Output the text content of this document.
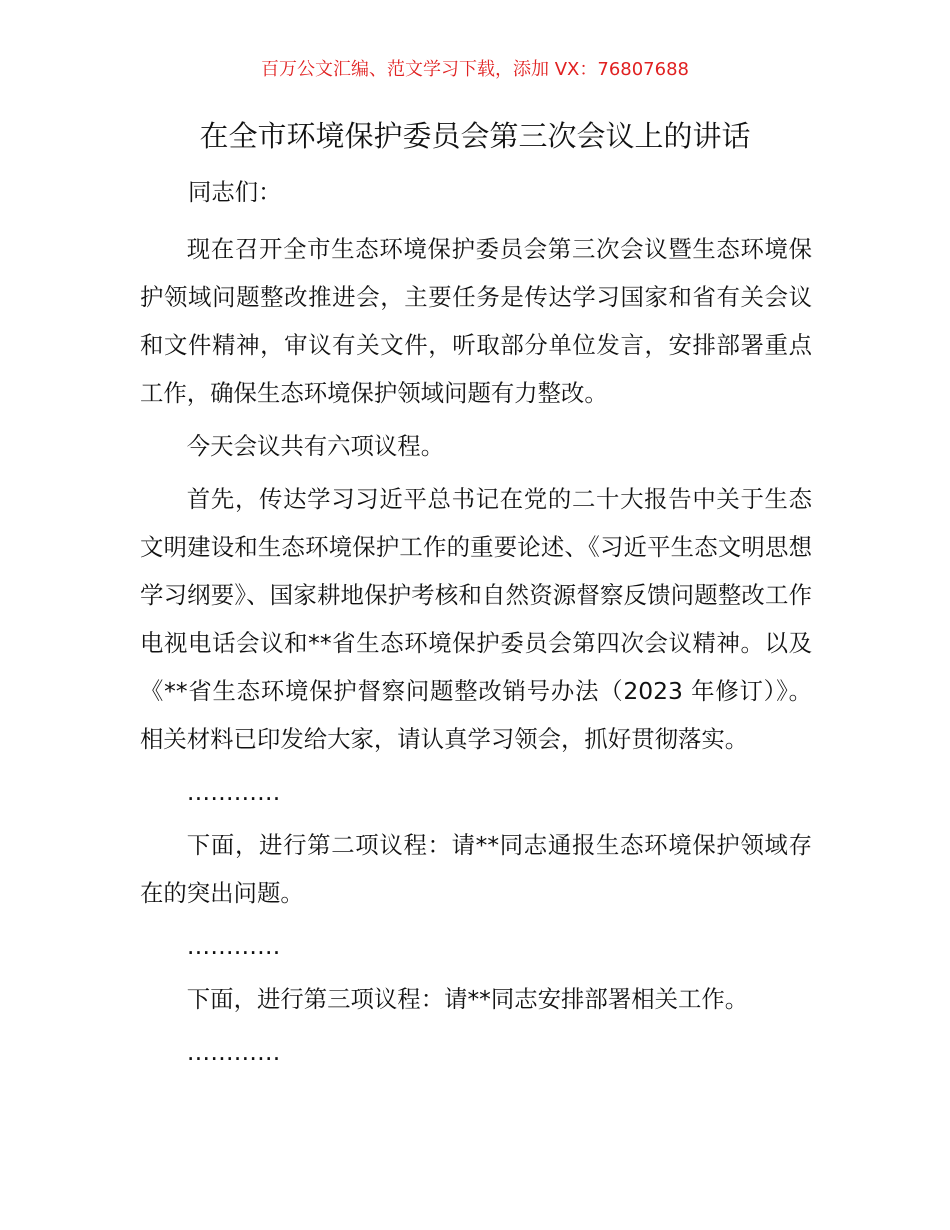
百万公文汇编、范文学习下载，添加 VX：76807688
在全市环境保护委员会第三次会议上的讲话
同志们：

现在召开全市生态环境保护委员会第三次会议暨生态环境保护领域问题整改推进会，主要任务是传达学习国家和省有关会议和文件精神，审议有关文件，听取部分单位发言，安排部署重点工作，确保生态环境保护领域问题有力整改。

今天会议共有六项议程。

首先，传达学习习近平总书记在党的二十大报告中关于生态文明建设和生态环境保护工作的重要论述、《习近平生态文明思想学习纲要》、国家耕地保护考核和自然资源督察反馈问题整改工作电视电话会议和**省生态环境保护委员会第四次会议精神。以及《**省生态环境保护督察问题整改销号办法（2023 年修订）》。相关材料已印发给大家，请认真学习领会，抓好贯彻落实。

…………

下面，进行第二项议程：请**同志通报生态环境保护领域存在的突出问题。

…………

下面，进行第三项议程：请**同志安排部署相关工作。

…………
